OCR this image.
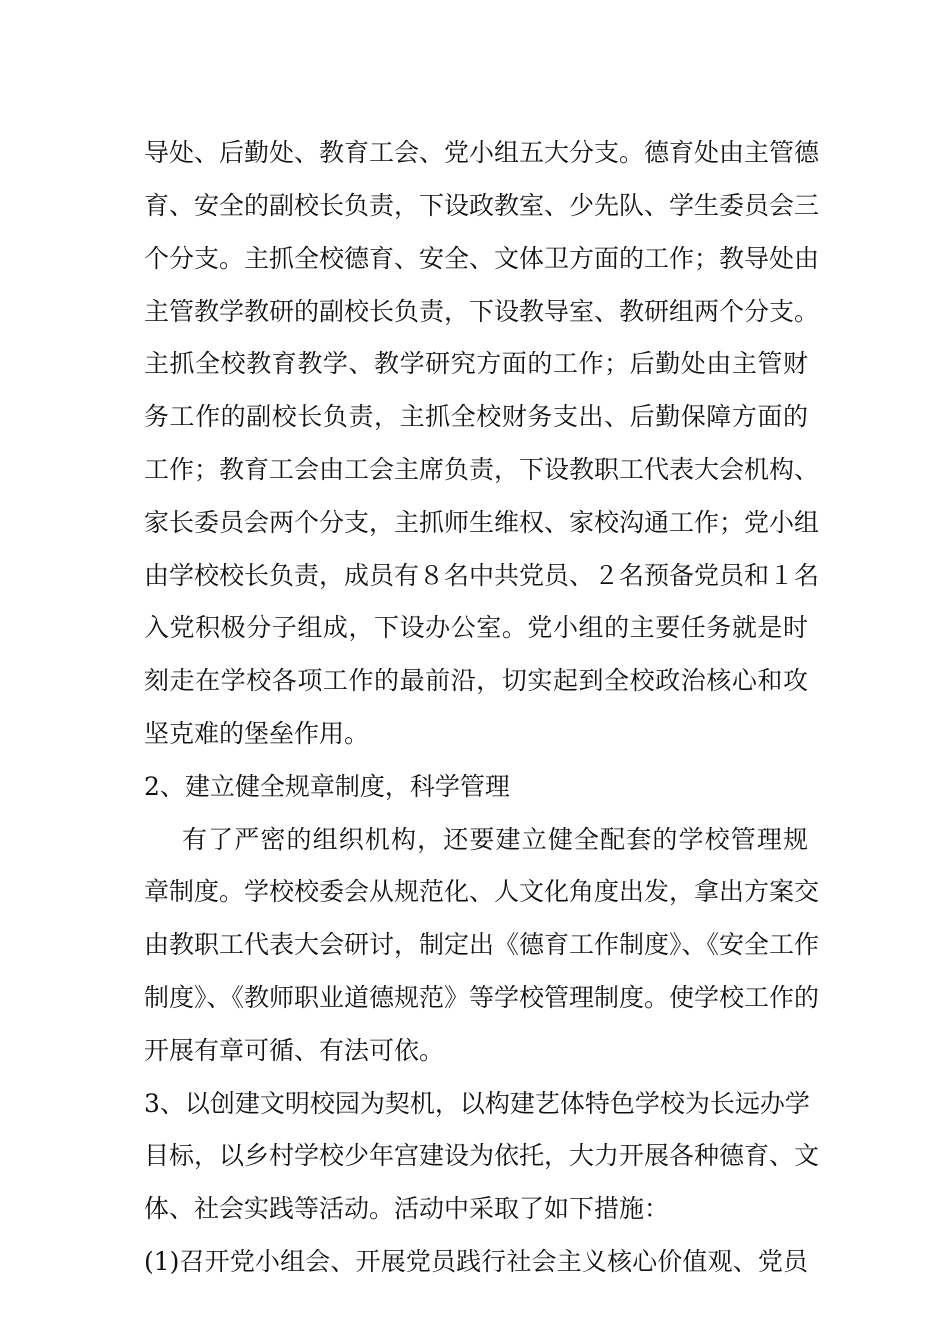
导处、后勤处、教育工会、党小组五大分支。德育处由主管德
育、安全的副校长负责，下设政教室、少先队、学生委员会三
个分支。主抓全校德育、安全、文体卫方面的工作；教导处由
主管教学教研的副校长负责，下设教导室、教研组两个分支。
主抓全校教育教学、教学研究方面的工作；后勤处由主管财
务工作的副校长负责，主抓全校财务支出、后勤保障方面的
工作；教育工会由工会主席负责，下设教职工代表大会机构、
家长委员会两个分支，主抓师生维权、家校沟通工作；党小组
由学校校长负责，成员有８名中共党员、２名预备党员和１名
入党积极分子组成，下设办公室。党小组的主要任务就是时
刻走在学校各项工作的最前沿，切实起到全校政治核心和攻
坚克难的堡垒作用。
2、建立健全规章制度，科学管理
有了严密的组织机构，还要建立健全配套的学校管理规
章制度。学校校委会从规范化、人文化角度出发，拿出方案交
由教职工代表大会研讨，制定出《德育工作制度》、《安全工作
制度》、《教师职业道德规范》等学校管理制度。使学校工作的
开展有章可循、有法可依。
3、以创建文明校园为契机，以构建艺体特色学校为长远办学
目标，以乡村学校少年宫建设为依托，大力开展各种德育、文
体、社会实践等活动。活动中采取了如下措施：
(1)召开党小组会、开展党员践行社会主义核心价值观、党员
